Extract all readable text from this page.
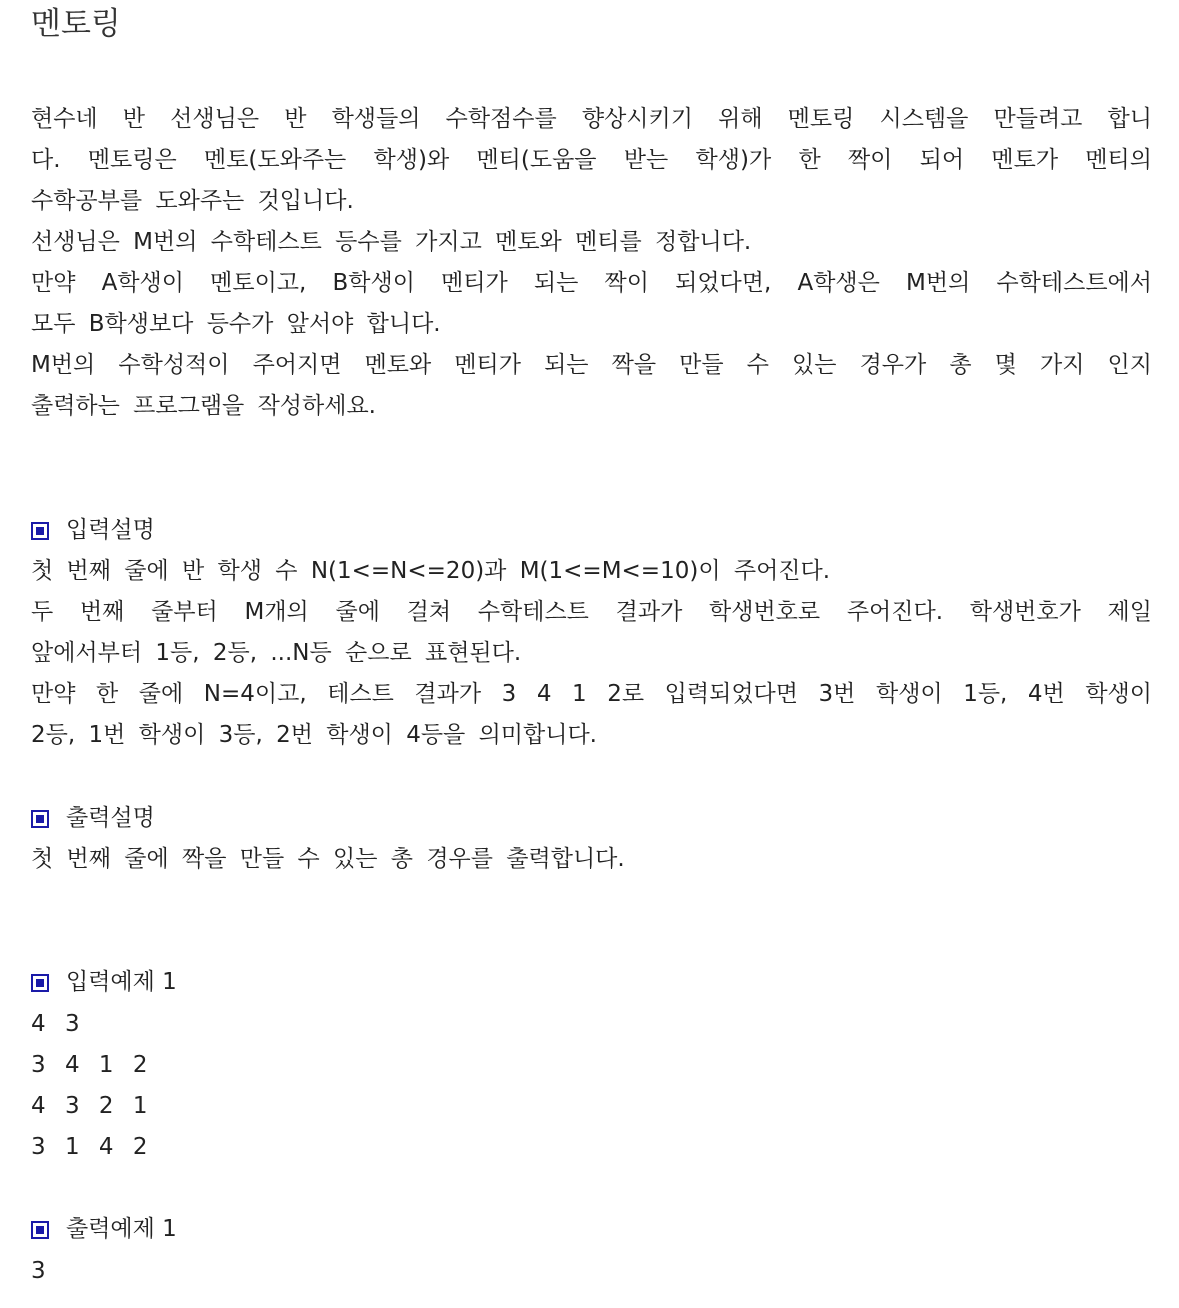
멘토링
현수네 반 선생님은 반 학생들의 수학점수를 향상시키기 위해 멘토링 시스템을 만들려고 합니
다. 멘토링은 멘토(도와주는 학생)와 멘티(도움을 받는 학생)가 한 짝이 되어 멘토가 멘티의
수학공부를 도와주는 것입니다.
선생님은 M번의 수학테스트 등수를 가지고 멘토와 멘티를 정합니다.
만약 A학생이 멘토이고, B학생이 멘티가 되는 짝이 되었다면, A학생은 M번의 수학테스트에서
모두 B학생보다 등수가 앞서야 합니다.
M번의 수학성적이 주어지면 멘토와 멘티가 되는 짝을 만들 수 있는 경우가 총 몇 가지 인지
출력하는 프로그램을 작성하세요.
입력설명
첫 번째 줄에 반 학생 수 N(1<=N<=20)과 M(1<=M<=10)이 주어진다.
두 번째 줄부터 M개의 줄에 걸쳐 수학테스트 결과가 학생번호로 주어진다. 학생번호가 제일
앞에서부터 1등, 2등, ...N등 순으로 표현된다.
만약 한 줄에 N=4이고, 테스트 결과가 3 4 1 2로 입력되었다면 3번 학생이 1등, 4번 학생이
2등, 1번 학생이 3등, 2번 학생이 4등을 의미합니다.
출력설명
첫 번째 줄에 짝을 만들 수 있는 총 경우를 출력합니다.
입력예제 1
4 3
3 4 1 2
4 3 2 1
3 1 4 2
출력예제 1
3
